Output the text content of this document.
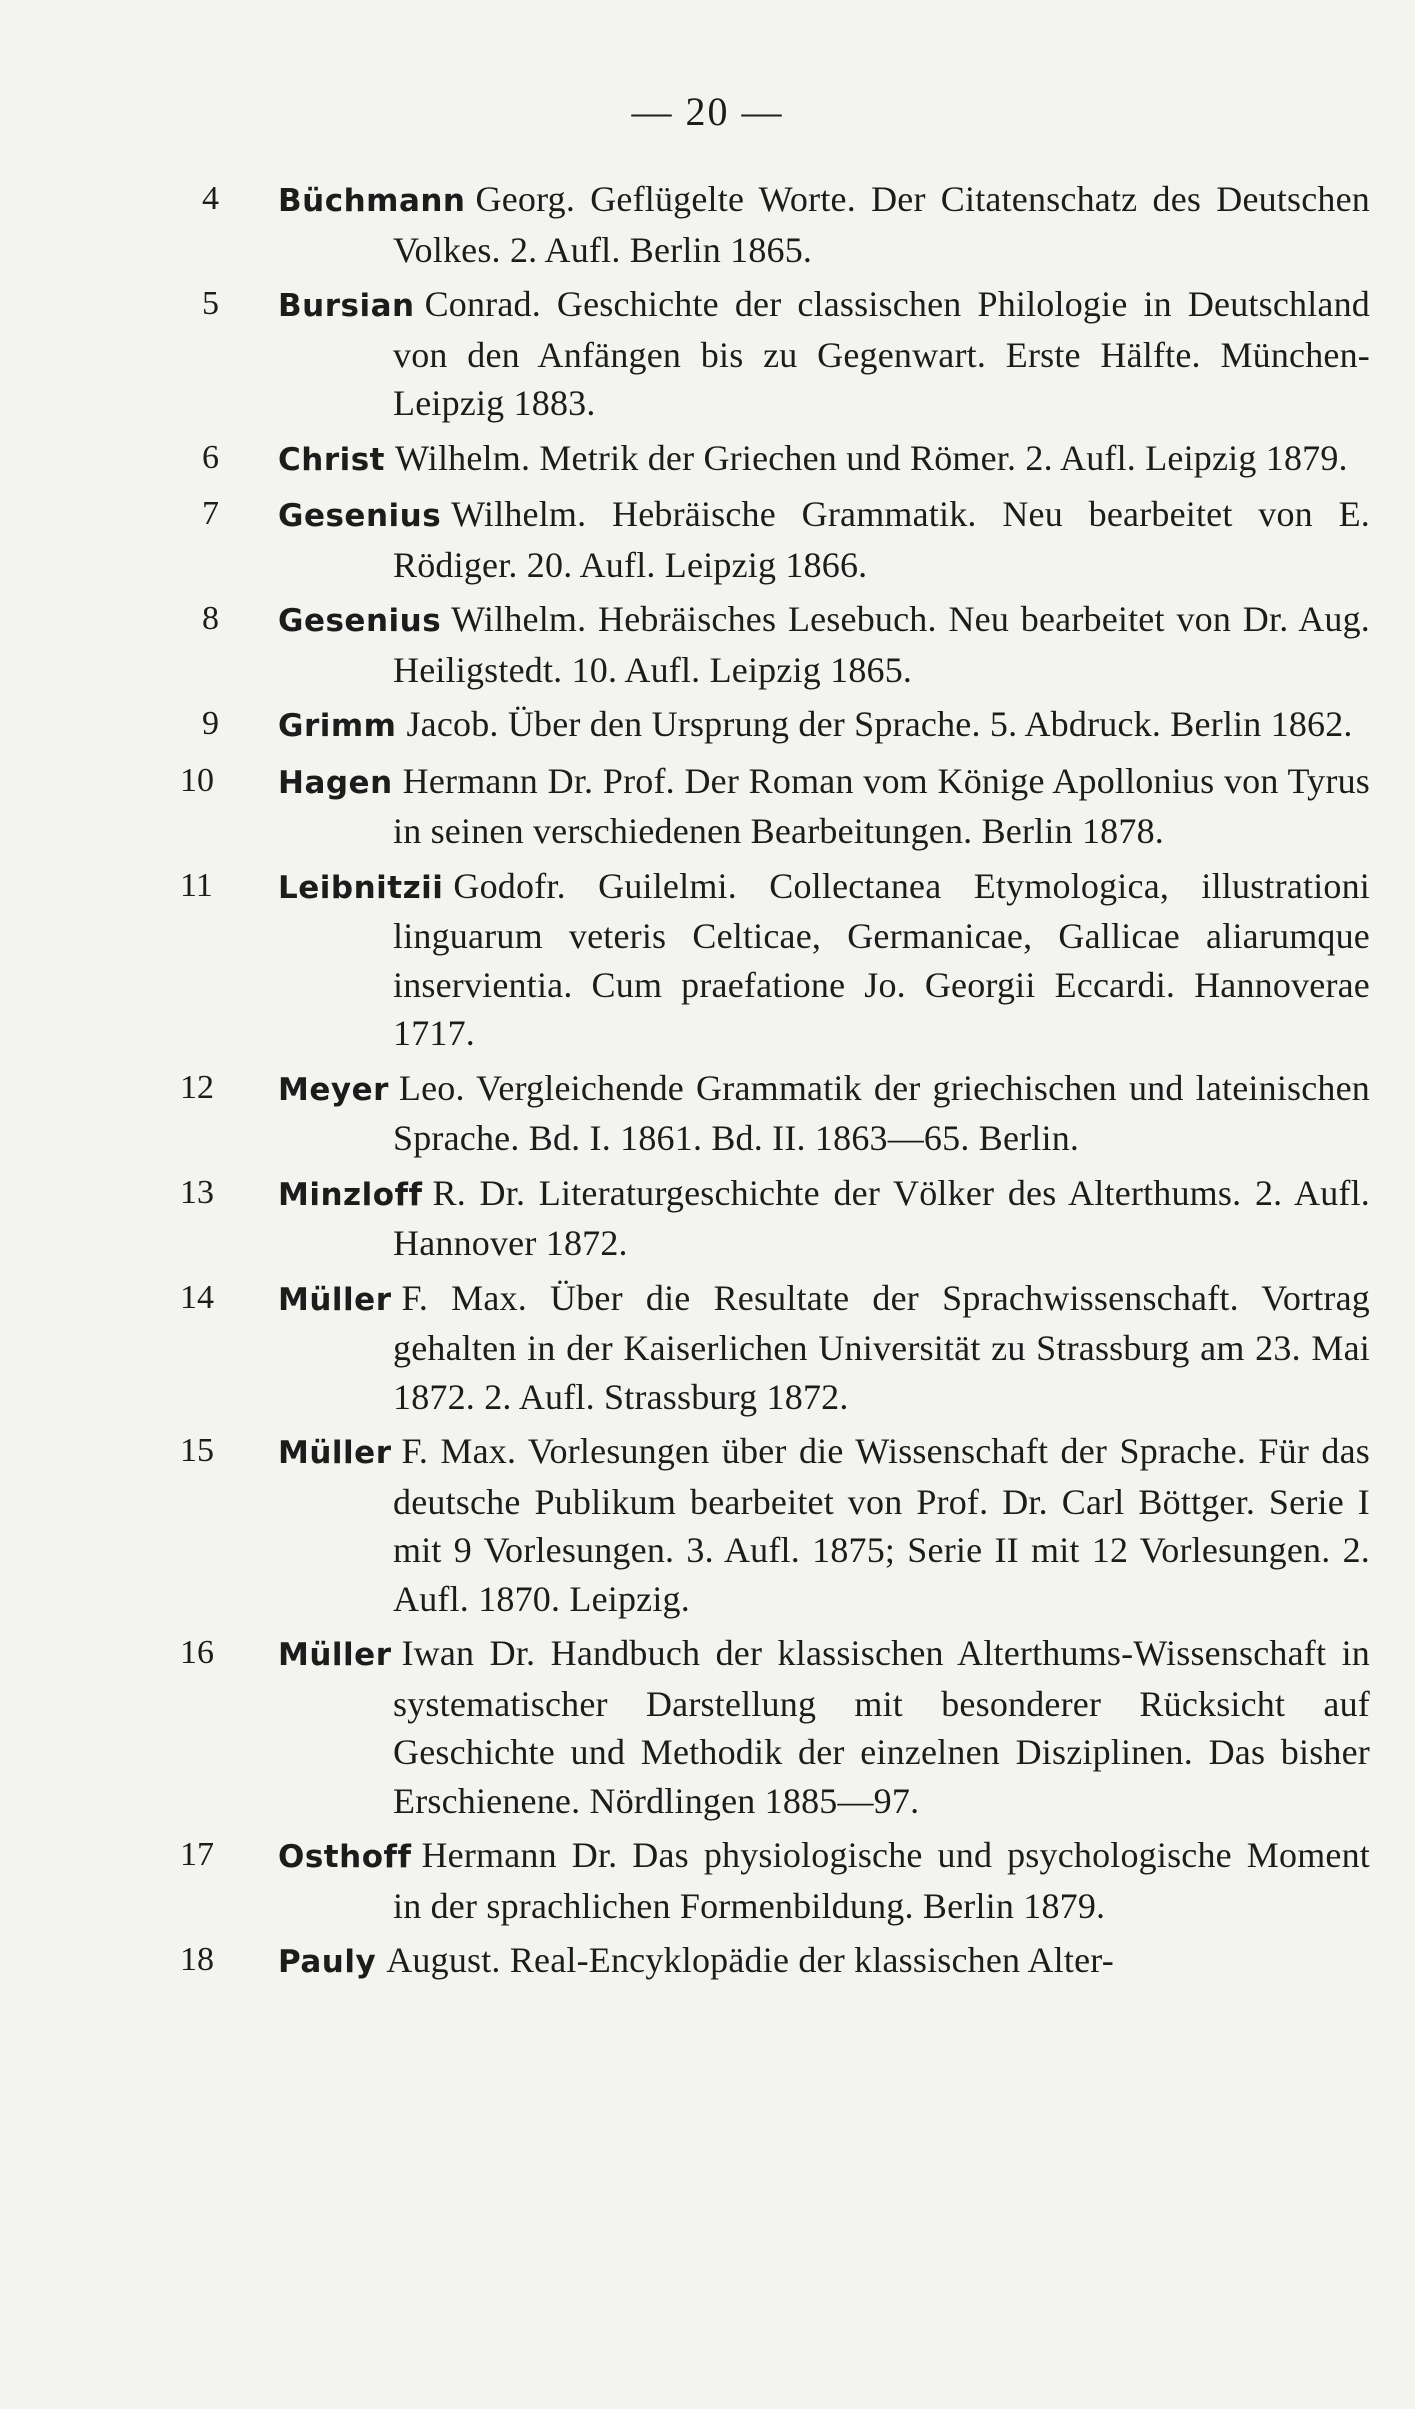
— 20 —
4	Büchmann Georg. Geflügelte Worte. Der Citatenschatz des Deutschen Volkes. 2. Aufl. Berlin 1865.
5	Bursian Conrad. Geschichte der classischen Philologie in Deutschland von den Anfängen bis zu Gegenwart. Erste Hälfte. München-Leipzig 1883.
6	Christ Wilhelm. Metrik der Griechen und Römer. 2. Aufl. Leipzig 1879.
7	Gesenius Wilhelm. Hebräische Grammatik. Neu bearbeitet von E. Rödiger. 20. Aufl. Leipzig 1866.
8	Gesenius Wilhelm. Hebräisches Lesebuch. Neu bearbeitet von Dr. Aug. Heiligstedt. 10. Aufl. Leipzig 1865.
9	Grimm Jacob. Über den Ursprung der Sprache. 5. Abdruck. Berlin 1862.
10	Hagen Hermann Dr. Prof. Der Roman vom Könige Apollonius von Tyrus in seinen verschiedenen Bearbeitungen. Berlin 1878.
11	Leibnitzii Godofr. Guilelmi. Collectanea Etymologica, illustrationi linguarum veteris Celticae, Germanicae, Gallicae aliarumque inservientia. Cum praefatione Jo. Georgii Eccardi. Hannoverae 1717.
12	Meyer Leo. Vergleichende Grammatik der griechischen und lateinischen Sprache. Bd. I. 1861. Bd. II. 1863—65. Berlin.
13	Minzloff R. Dr. Literaturgeschichte der Völker des Alterthums. 2. Aufl. Hannover 1872.
14	Müller F. Max. Über die Resultate der Sprachwissenschaft. Vortrag gehalten in der Kaiserlichen Universität zu Strassburg am 23. Mai 1872. 2. Aufl. Strassburg 1872.
15	Müller F. Max. Vorlesungen über die Wissenschaft der Sprache. Für das deutsche Publikum bearbeitet von Prof. Dr. Carl Böttger. Serie I mit 9 Vorlesungen. 3. Aufl. 1875; Serie II mit 12 Vorlesungen. 2. Aufl. 1870. Leipzig.
16	Müller Iwan Dr. Handbuch der klassischen Alterthums-Wissenschaft in systematischer Darstellung mit besonderer Rücksicht auf Geschichte und Methodik der einzelnen Disziplinen. Das bisher Erschienene. Nördlingen 1885—97.
17	Osthoff Hermann Dr. Das physiologische und psychologische Moment in der sprachlichen Formenbildung. Berlin 1879.
18	Pauly August. Real-Encyklopädie der klassischen Alter-
